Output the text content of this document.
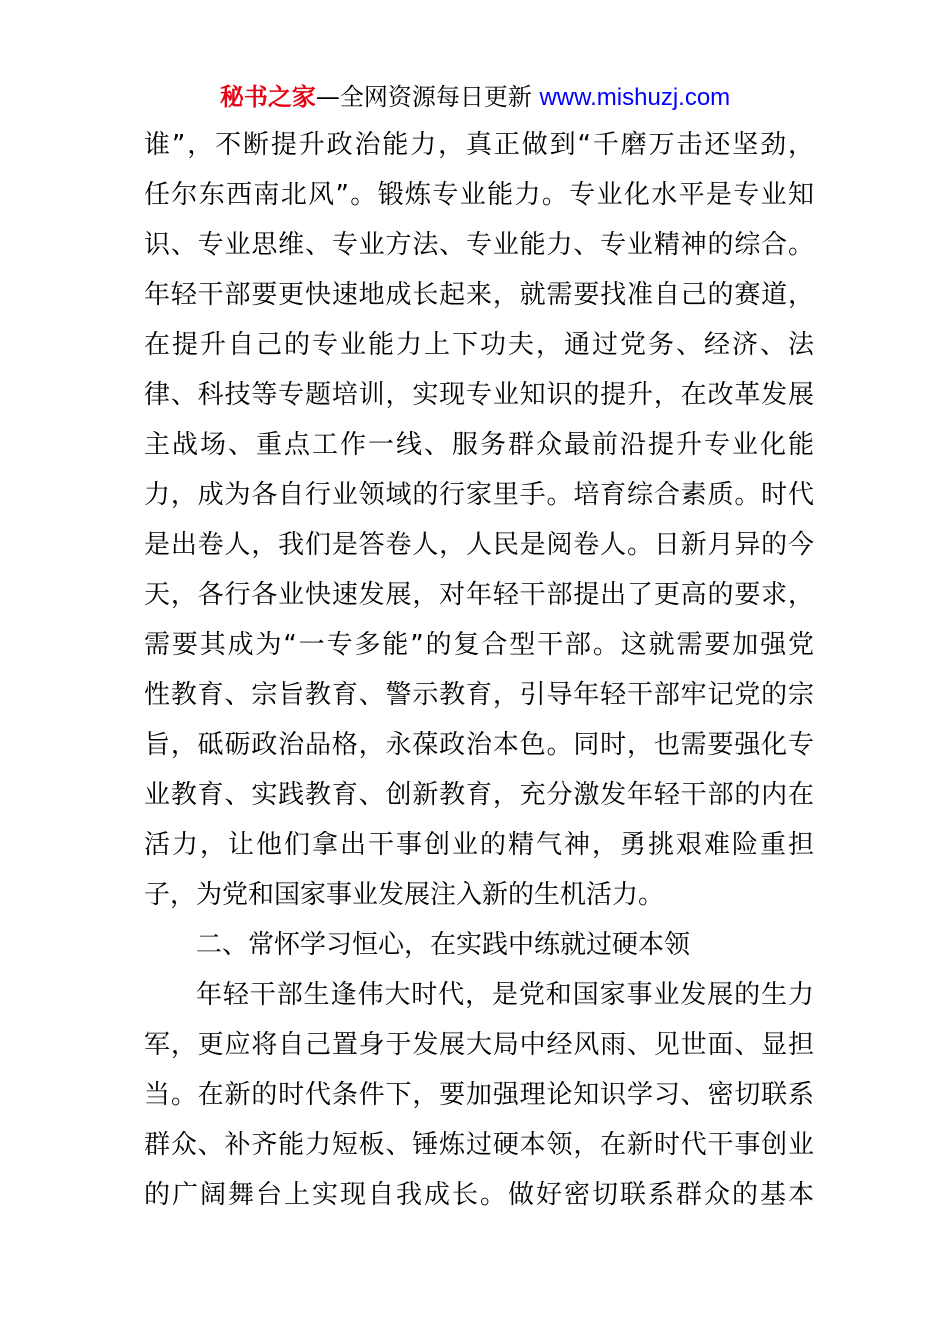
秘书之家—全网资源每日更新 www.mishuzj.com
谁”，不断提升政治能力，真正做到“千磨万击还坚劲，
任尔东西南北风”。锻炼专业能力。专业化水平是专业知
识、专业思维、专业方法、专业能力、专业精神的综合。
年轻干部要更快速地成长起来，就需要找准自己的赛道，
在提升自己的专业能力上下功夫，通过党务、经济、法
律、科技等专题培训，实现专业知识的提升，在改革发展
主战场、重点工作一线、服务群众最前沿提升专业化能
力，成为各自行业领域的行家里手。培育综合素质。时代
是出卷人，我们是答卷人，人民是阅卷人。日新月异的今
天，各行各业快速发展，对年轻干部提出了更高的要求，
需要其成为“一专多能”的复合型干部。这就需要加强党
性教育、宗旨教育、警示教育，引导年轻干部牢记党的宗
旨，砥砺政治品格，永葆政治本色。同时，也需要强化专
业教育、实践教育、创新教育，充分激发年轻干部的内在
活力，让他们拿出干事创业的精气神，勇挑艰难险重担
子，为党和国家事业发展注入新的生机活力。
二、常怀学习恒心，在实践中练就过硬本领
年轻干部生逢伟大时代，是党和国家事业发展的生力
军，更应将自己置身于发展大局中经风雨、见世面、显担
当。在新的时代条件下，要加强理论知识学习、密切联系
群众、补齐能力短板、锤炼过硬本领，在新时代干事创业
的广阔舞台上实现自我成长。做好密切联系群众的基本
